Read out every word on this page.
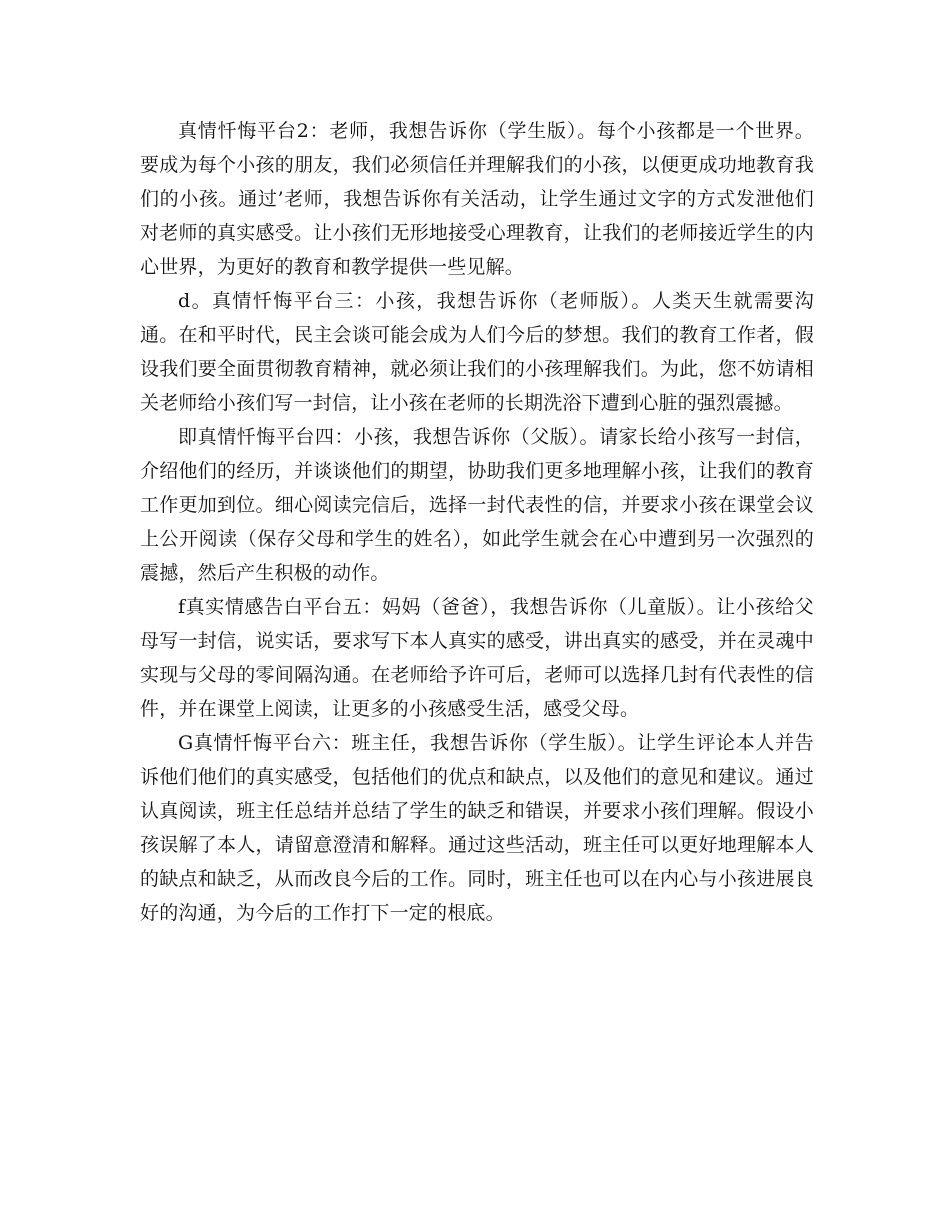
真情忏悔平台2：老师，我想告诉你（学生版）。每个小孩都是一个世界。要成为每个小孩的朋友，我们必须信任并理解我们的小孩，以便更成功地教育我们的小孩。通过’老师，我想告诉你有关活动，让学生通过文字的方式发泄他们对老师的真实感受。让小孩们无形地接受心理教育，让我们的老师接近学生的内心世界，为更好的教育和教学提供一些见解。

d。真情忏悔平台三：小孩，我想告诉你（老师版）。人类天生就需要沟通。在和平时代，民主会谈可能会成为人们今后的梦想。我们的教育工作者，假设我们要全面贯彻教育精神，就必须让我们的小孩理解我们。为此，您不妨请相关老师给小孩们写一封信，让小孩在老师的长期洗浴下遭到心脏的强烈震撼。

即真情忏悔平台四：小孩，我想告诉你（父版）。请家长给小孩写一封信，介绍他们的经历，并谈谈他们的期望，协助我们更多地理解小孩，让我们的教育工作更加到位。细心阅读完信后，选择一封代表性的信，并要求小孩在课堂会议上公开阅读（保存父母和学生的姓名），如此学生就会在心中遭到另一次强烈的震撼，然后产生积极的动作。

f真实情感告白平台五：妈妈（爸爸），我想告诉你（儿童版）。让小孩给父母写一封信，说实话，要求写下本人真实的感受，讲出真实的感受，并在灵魂中实现与父母的零间隔沟通。在老师给予许可后，老师可以选择几封有代表性的信件，并在课堂上阅读，让更多的小孩感受生活，感受父母。

G真情忏悔平台六：班主任，我想告诉你（学生版）。让学生评论本人并告诉他们他们的真实感受，包括他们的优点和缺点，以及他们的意见和建议。通过认真阅读，班主任总结并总结了学生的缺乏和错误，并要求小孩们理解。假设小孩误解了本人，请留意澄清和解释。通过这些活动，班主任可以更好地理解本人的缺点和缺乏，从而改良今后的工作。同时，班主任也可以在内心与小孩进展良好的沟通，为今后的工作打下一定的根底。
